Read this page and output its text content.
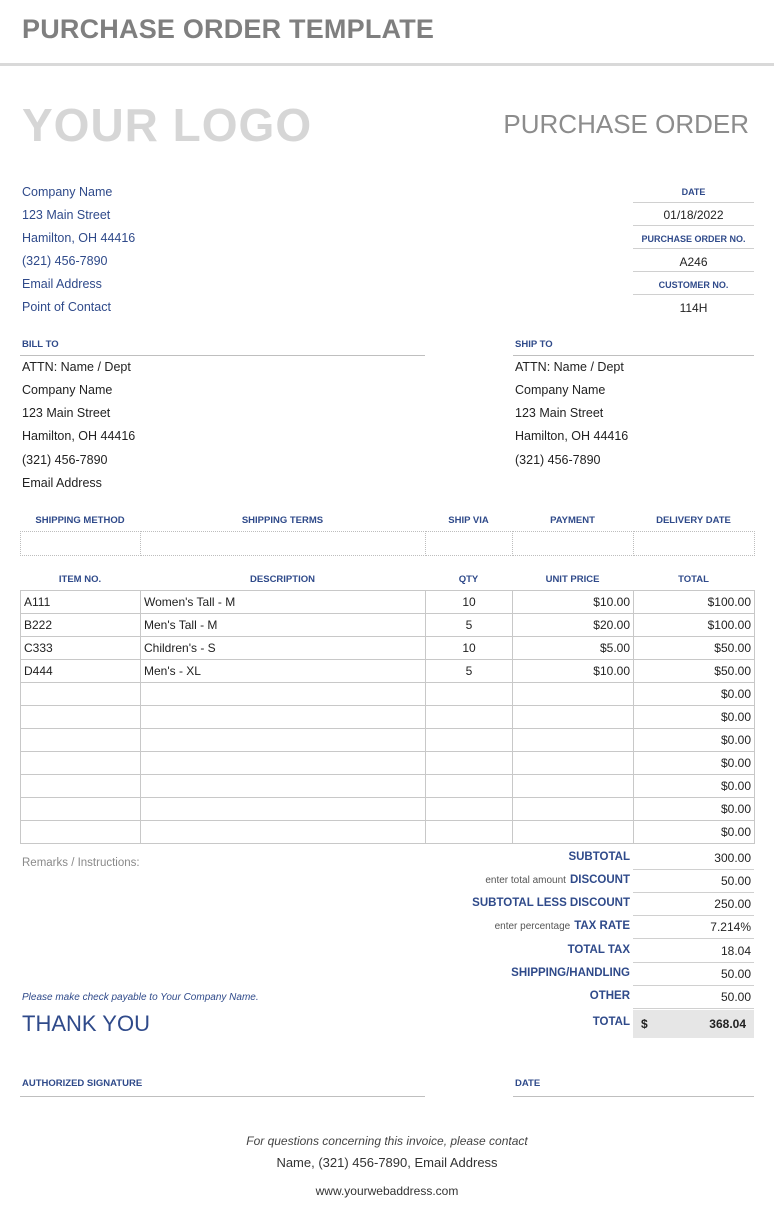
PURCHASE ORDER TEMPLATE
YOUR LOGO	PURCHASE ORDER
Company Name
123 Main Street
Hamilton, OH 44416
(321) 456-7890
Email Address
Point of Contact
DATE
01/18/2022
PURCHASE ORDER NO.
A246
CUSTOMER NO.
114H
BILL TO
ATTN: Name / Dept
Company Name
123 Main Street
Hamilton, OH 44416
(321) 456-7890
Email Address
SHIP TO
ATTN: Name / Dept
Company Name
123 Main Street
Hamilton, OH 44416
(321) 456-7890
SHIPPING METHOD	SHIPPING TERMS	SHIP VIA	PAYMENT	DELIVERY DATE

ITEM NO.	DESCRIPTION	QTY	UNIT PRICE	TOTAL
A111	Women's Tall - M	10	$10.00	$100.00
B222	Men's Tall - M	5	$20.00	$100.00
C333	Children's - S	10	$5.00	$50.00
D444	Men's - XL	5	$10.00	$50.00
				$0.00
				$0.00
				$0.00
				$0.00
				$0.00
				$0.00
				$0.00
Remarks / Instructions:	SUBTOTAL	300.00
enter total amount DISCOUNT	50.00
SUBTOTAL LESS DISCOUNT	250.00
enter percentage TAX RATE	7.214%
TOTAL TAX	18.04
SHIPPING/HANDLING	50.00
OTHER	50.00
TOTAL $	368.04
Please make check payable to Your Company Name.
THANK YOU
AUTHORIZED SIGNATURE	DATE
For questions concerning this invoice, please contact
Name, (321) 456-7890, Email Address
www.yourwebaddress.com
